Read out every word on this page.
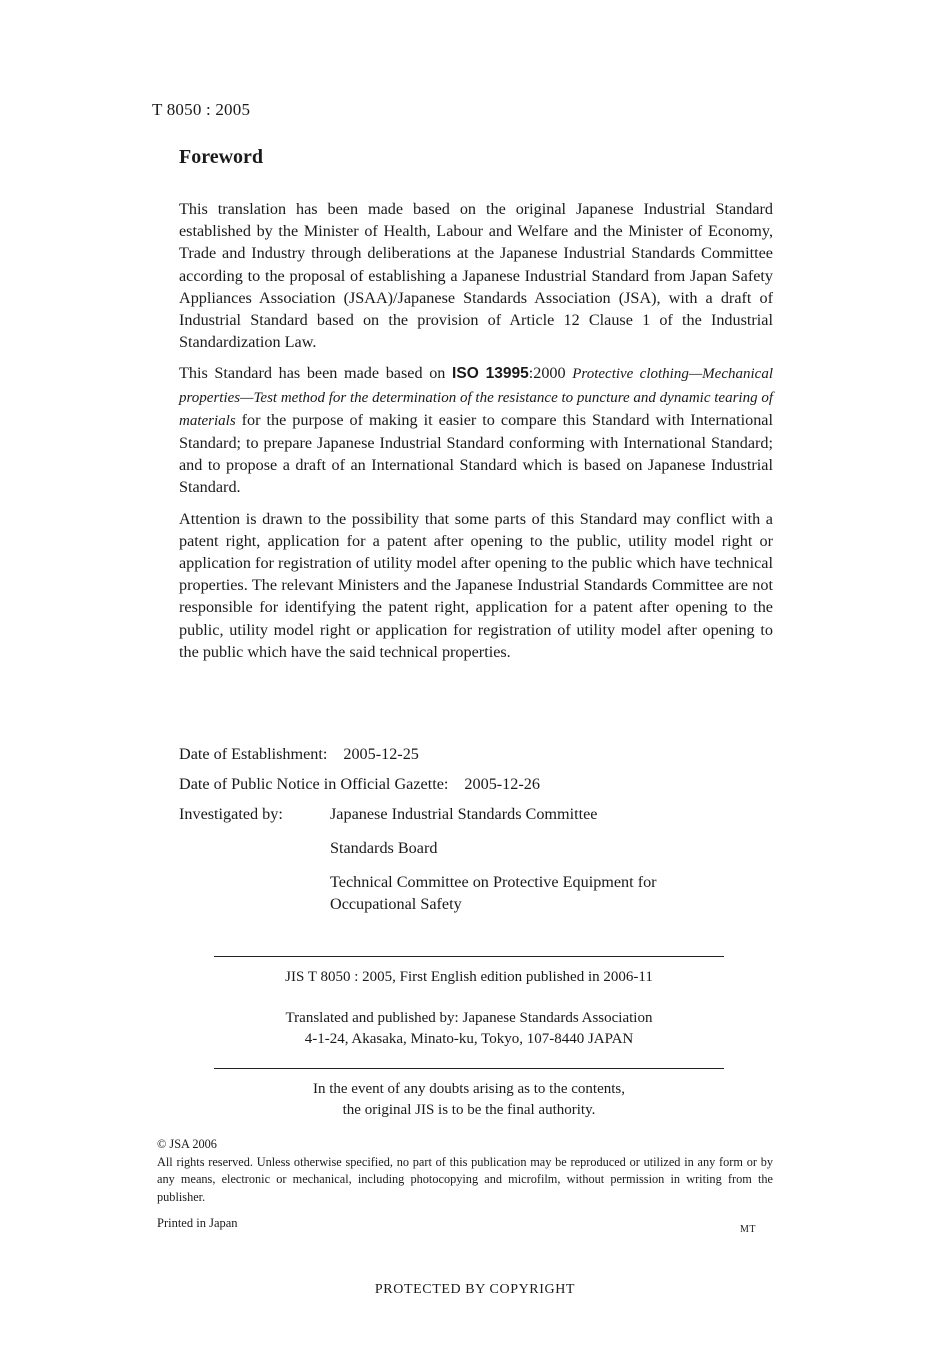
T 8050 : 2005
Foreword

This translation has been made based on the original Japanese Industrial Standard established by the Minister of Health, Labour and Welfare and the Minister of Economy, Trade and Industry through deliberations at the Japanese Industrial Standards Committee according to the proposal of establishing a Japanese Industrial Standard from Japan Safety Appliances Association (JSAA)/Japanese Standards Association (JSA), with a draft of Industrial Standard based on the provision of Article 12 Clause 1 of the Industrial Standardization Law.

This Standard has been made based on ISO 13995:2000 Protective clothing—Mechanical properties—Test method for the determination of the resistance to puncture and dynamic tearing of materials for the purpose of making it easier to compare this Standard with International Standard; to prepare Japanese Industrial Standard conforming with International Standard; and to propose a draft of an International Standard which is based on Japanese Industrial Standard.

Attention is drawn to the possibility that some parts of this Standard may conflict with a patent right, application for a patent after opening to the public, utility model right or application for registration of utility model after opening to the public which have technical properties. The relevant Ministers and the Japanese Industrial Standards Committee are not responsible for identifying the patent right, application for a patent after opening to the public, utility model right or application for registration of utility model after opening to the public which have the said technical properties.

Date of Establishment: 2005-12-25
Date of Public Notice in Official Gazette: 2005-12-26
Investigated by:	Japanese Industrial Standards Committee
Standards Board
Technical Committee on Protective Equipment for Occupational Safety
JIS T 8050 : 2005, First English edition published in 2006-11
Translated and published by: Japanese Standards Association
4-1-24, Akasaka, Minato-ku, Tokyo, 107-8440 JAPAN
In the event of any doubts arising as to the contents,
the original JIS is to be the final authority.
© JSA 2006
All rights reserved. Unless otherwise specified, no part of this publication may be reproduced or utilized in any form or by any means, electronic or mechanical, including photocopying and microfilm, without permission in writing from the publisher.
Printed in Japan	MT
PROTECTED BY COPYRIGHT
